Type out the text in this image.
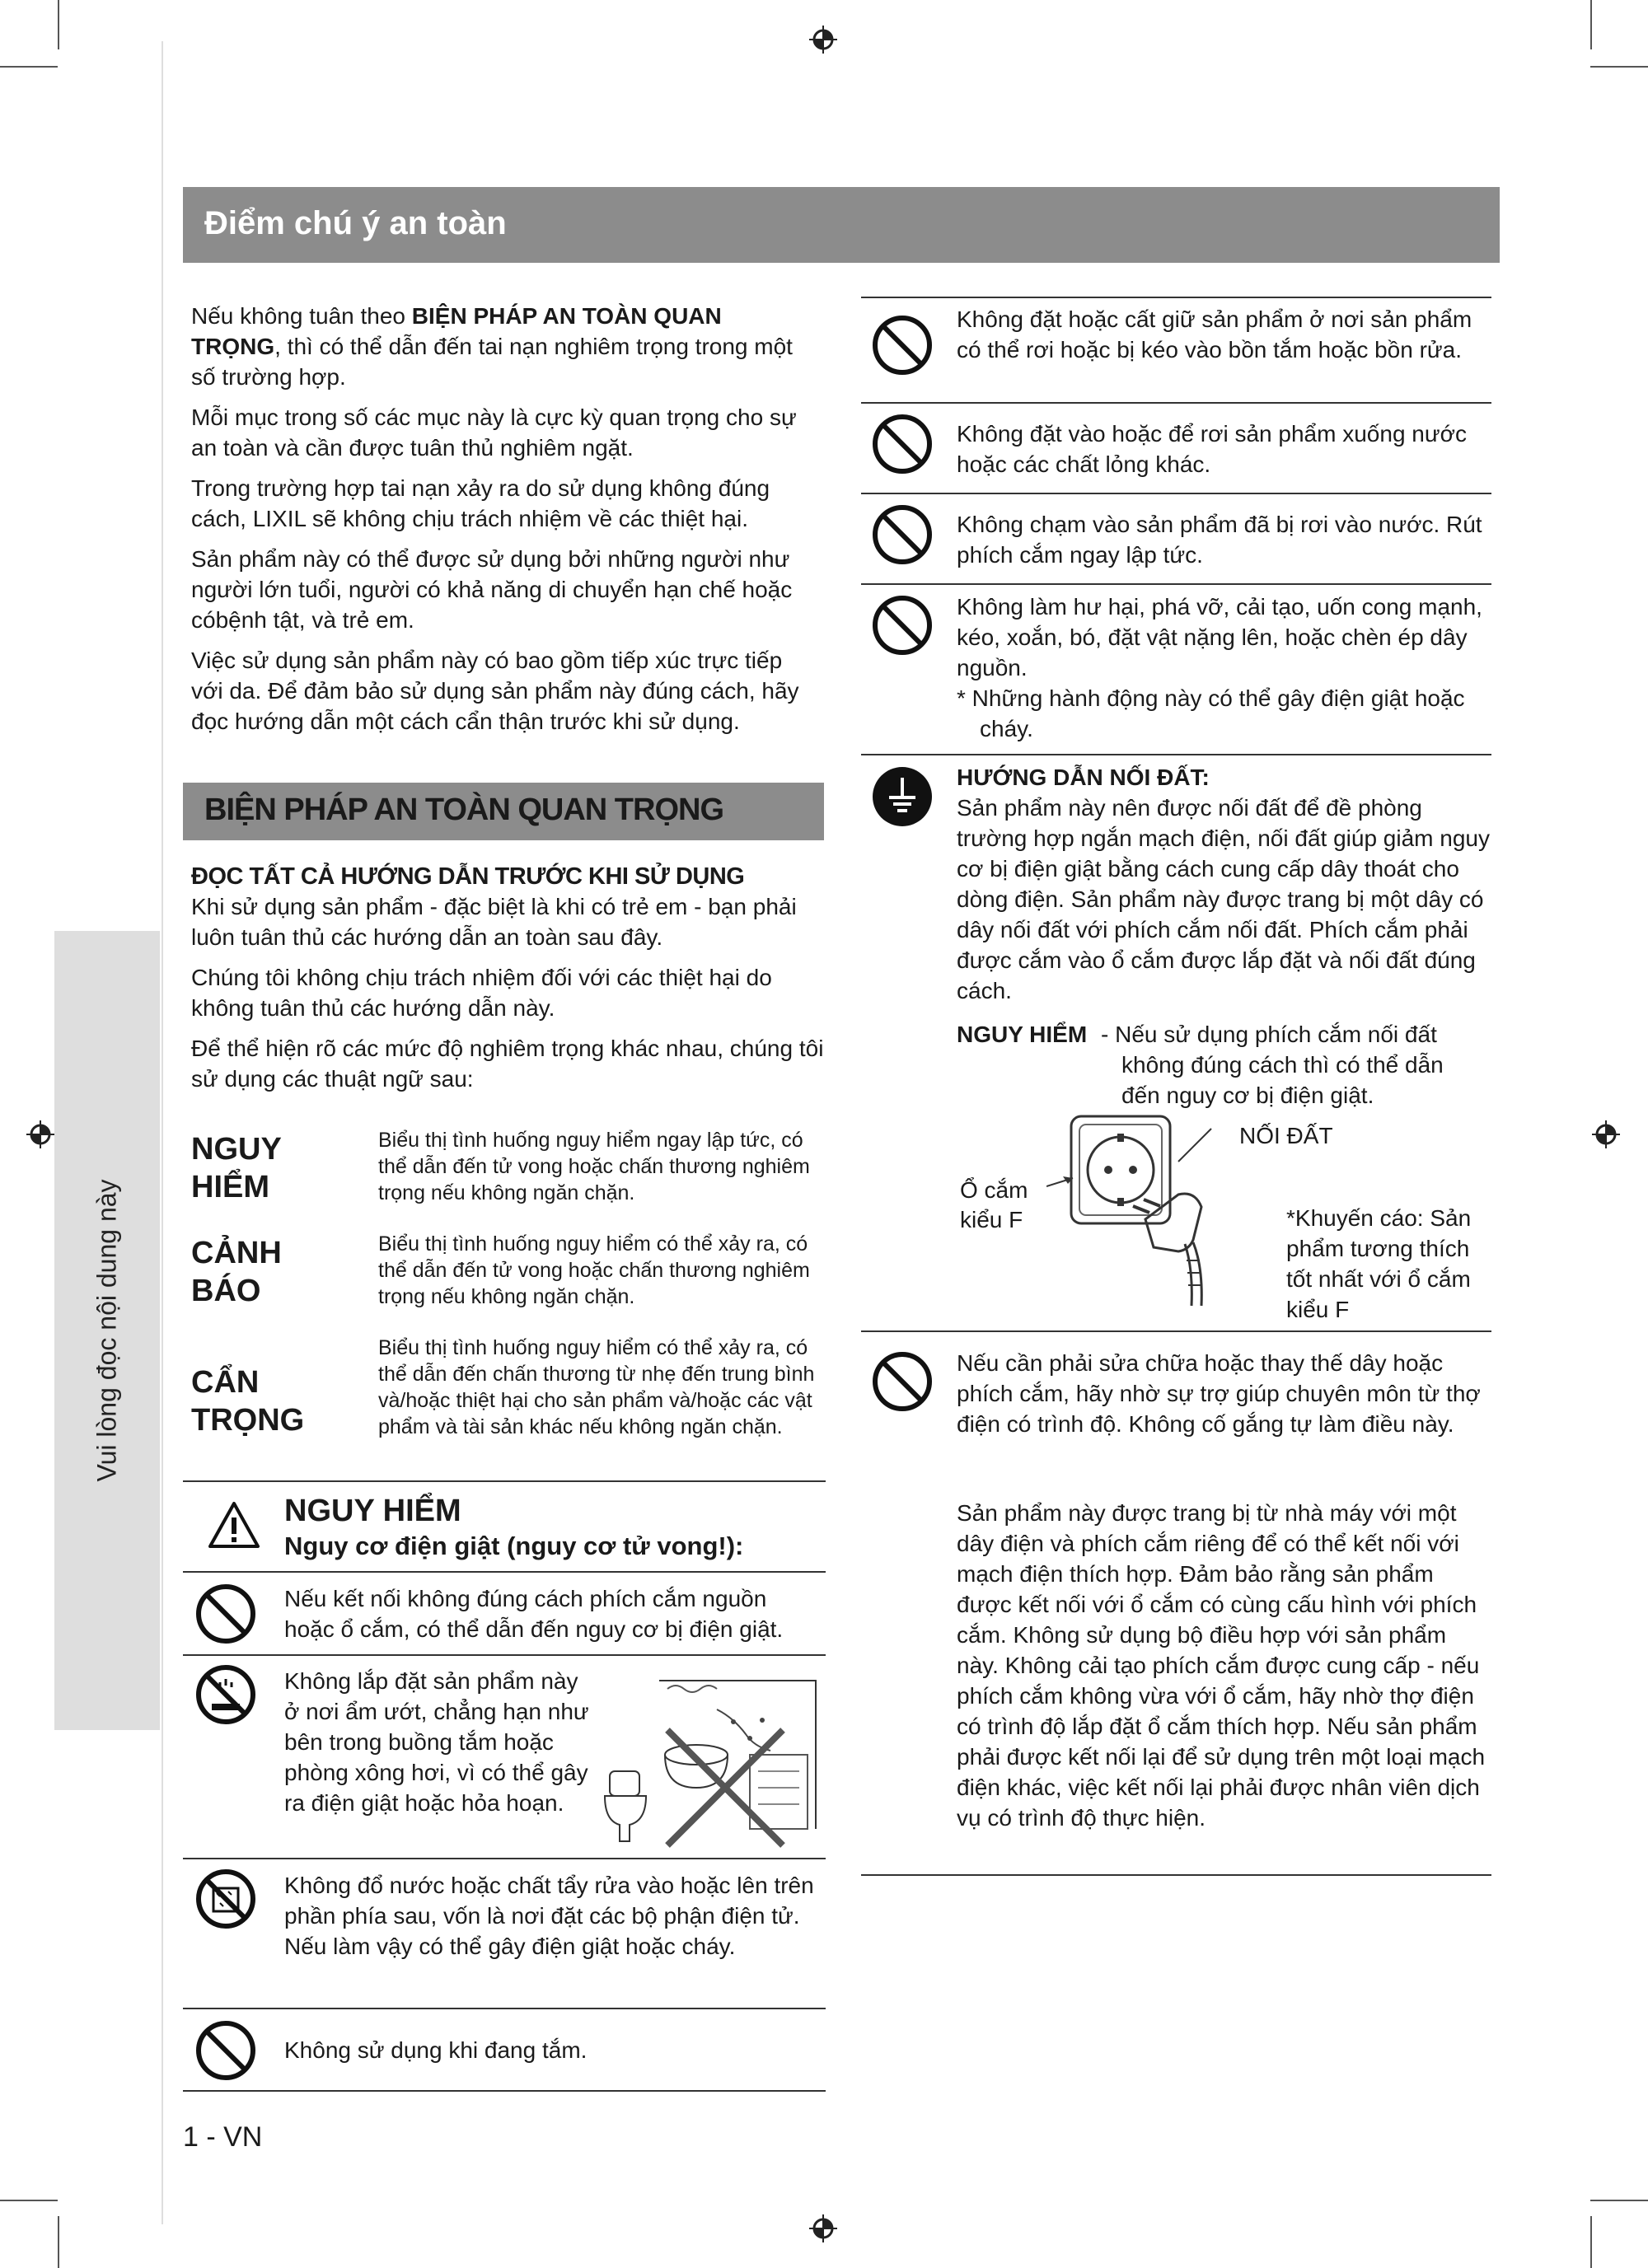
Vui lòng đọc nội dung này
Điểm chú ý an toàn

Nếu không tuân theo BIỆN PHÁP AN TOÀN QUAN TRỌNG, thì có thể dẫn đến tai nạn nghiêm trọng trong một số trường hợp.

Mỗi mục trong số các mục này là cực kỳ quan trọng cho sự an toàn và cần được tuân thủ nghiêm ngặt.

Trong trường hợp tai nạn xảy ra do sử dụng không đúng cách, LIXIL sẽ không chịu trách nhiệm về các thiệt hại.

Sản phẩm này có thể được sử dụng bởi những người như người lớn tuổi, người có khả năng di chuyển hạn chế hoặc cóbệnh tật, và trẻ em.

Việc sử dụng sản phẩm này có bao gồm tiếp xúc trực tiếp với da. Để đảm bảo sử dụng sản phẩm này đúng cách, hãy đọc hướng dẫn một cách cẩn thận trước khi sử dụng.

BIỆN PHÁP AN TOÀN QUAN TRỌNG
ĐỌC TẤT CẢ HƯỚNG DẪN TRƯỚC KHI SỬ DỤNG

Khi sử dụng sản phẩm - đặc biệt là khi có trẻ em - bạn phải luôn tuân thủ các hướng dẫn an toàn sau đây.

Chúng tôi không chịu trách nhiệm đối với các thiệt hại do không tuân thủ các hướng dẫn này.

Để thể hiện rõ các mức độ nghiêm trọng khác nhau, chúng tôi sử dụng các thuật ngữ sau:

NGUY HIỂM
Biểu thị tình huống nguy hiểm ngay lập tức, có thể dẫn đến tử vong hoặc chấn thương nghiêm trọng nếu không ngăn chặn.
CẢNH BÁO
Biểu thị tình huống nguy hiểm có thể xảy ra, có thể dẫn đến tử vong hoặc chấn thương nghiêm trọng nếu không ngăn chặn.
CẨN TRỌNG
Biểu thị tình huống nguy hiểm có thể xảy ra, có thể dẫn đến chấn thương từ nhẹ đến trung bình và/hoặc thiệt hại cho sản phẩm và/hoặc các vật phẩm và tài sản khác nếu không ngăn chặn.
NGUY HIỂM
Nguy cơ điện giật (nguy cơ tử vong!):
Nếu kết nối không đúng cách phích cắm nguồn hoặc ổ cắm, có thể dẫn đến nguy cơ bị điện giật.
Không lắp đặt sản phẩm này ở nơi ẩm ướt, chẳng hạn như bên trong buồng tắm hoặc phòng xông hơi, vì có thể gây ra điện giật hoặc hỏa hoạn.
Không đổ nước hoặc chất tẩy rửa vào hoặc lên trên phần phía sau, vốn là nơi đặt các bộ phận điện tử. Nếu làm vậy có thể gây điện giật hoặc cháy.
Không sử dụng khi đang tắm.
1 - VN
Không đặt hoặc cất giữ sản phẩm ở nơi sản phẩm có thể rơi hoặc bị kéo vào bồn tắm hoặc bồn rửa.
Không đặt vào hoặc để rơi sản phẩm xuống nước hoặc các chất lỏng khác.
Không chạm vào sản phẩm đã bị rơi vào nước. Rút phích cắm ngay lập tức.
Không làm hư hại, phá vỡ, cải tạo, uốn cong mạnh, kéo, xoắn, bó, đặt vật nặng lên, hoặc chèn ép dây nguồn.
* Những hành động này có thể gây điện giật hoặc cháy.
HƯỚNG DẪN NỐI ĐẤT:
Sản phẩm này nên được nối đất để đề phòng trường hợp ngắn mạch điện, nối đất giúp giảm nguy cơ bị điện giật bằng cách cung cấp dây thoát cho dòng điện. Sản phẩm này được trang bị một dây có dây nối đất với phích cắm nối đất. Phích cắm phải được cắm vào ổ cắm được lắp đặt và nối đất đúng cách.
NGUY HIỂM - Nếu sử dụng phích cắm nối đất không đúng cách thì có thể dẫn đến nguy cơ bị điện giật.
NỐI ĐẤT
Ổ cắm kiểu F	*Khuyến cáo: Sản phẩm tương thích tốt nhất với ổ cắm kiểu F
Nếu cần phải sửa chữa hoặc thay thế dây hoặc phích cắm, hãy nhờ sự trợ giúp chuyên môn từ thợ điện có trình độ. Không cố gắng tự làm điều này.
Sản phẩm này được trang bị từ nhà máy với một dây điện và phích cắm riêng để có thể kết nối với mạch điện thích hợp. Đảm bảo rằng sản phẩm được kết nối với ổ cắm có cùng cấu hình với phích cắm. Không sử dụng bộ điều hợp với sản phẩm này. Không cải tạo phích cắm được cung cấp - nếu phích cắm không vừa với ổ cắm, hãy nhờ thợ điện có trình độ lắp đặt ổ cắm thích hợp. Nếu sản phẩm phải được kết nối lại để sử dụng trên một loại mạch điện khác, việc kết nối lại phải được nhân viên dịch vụ có trình độ thực hiện.
